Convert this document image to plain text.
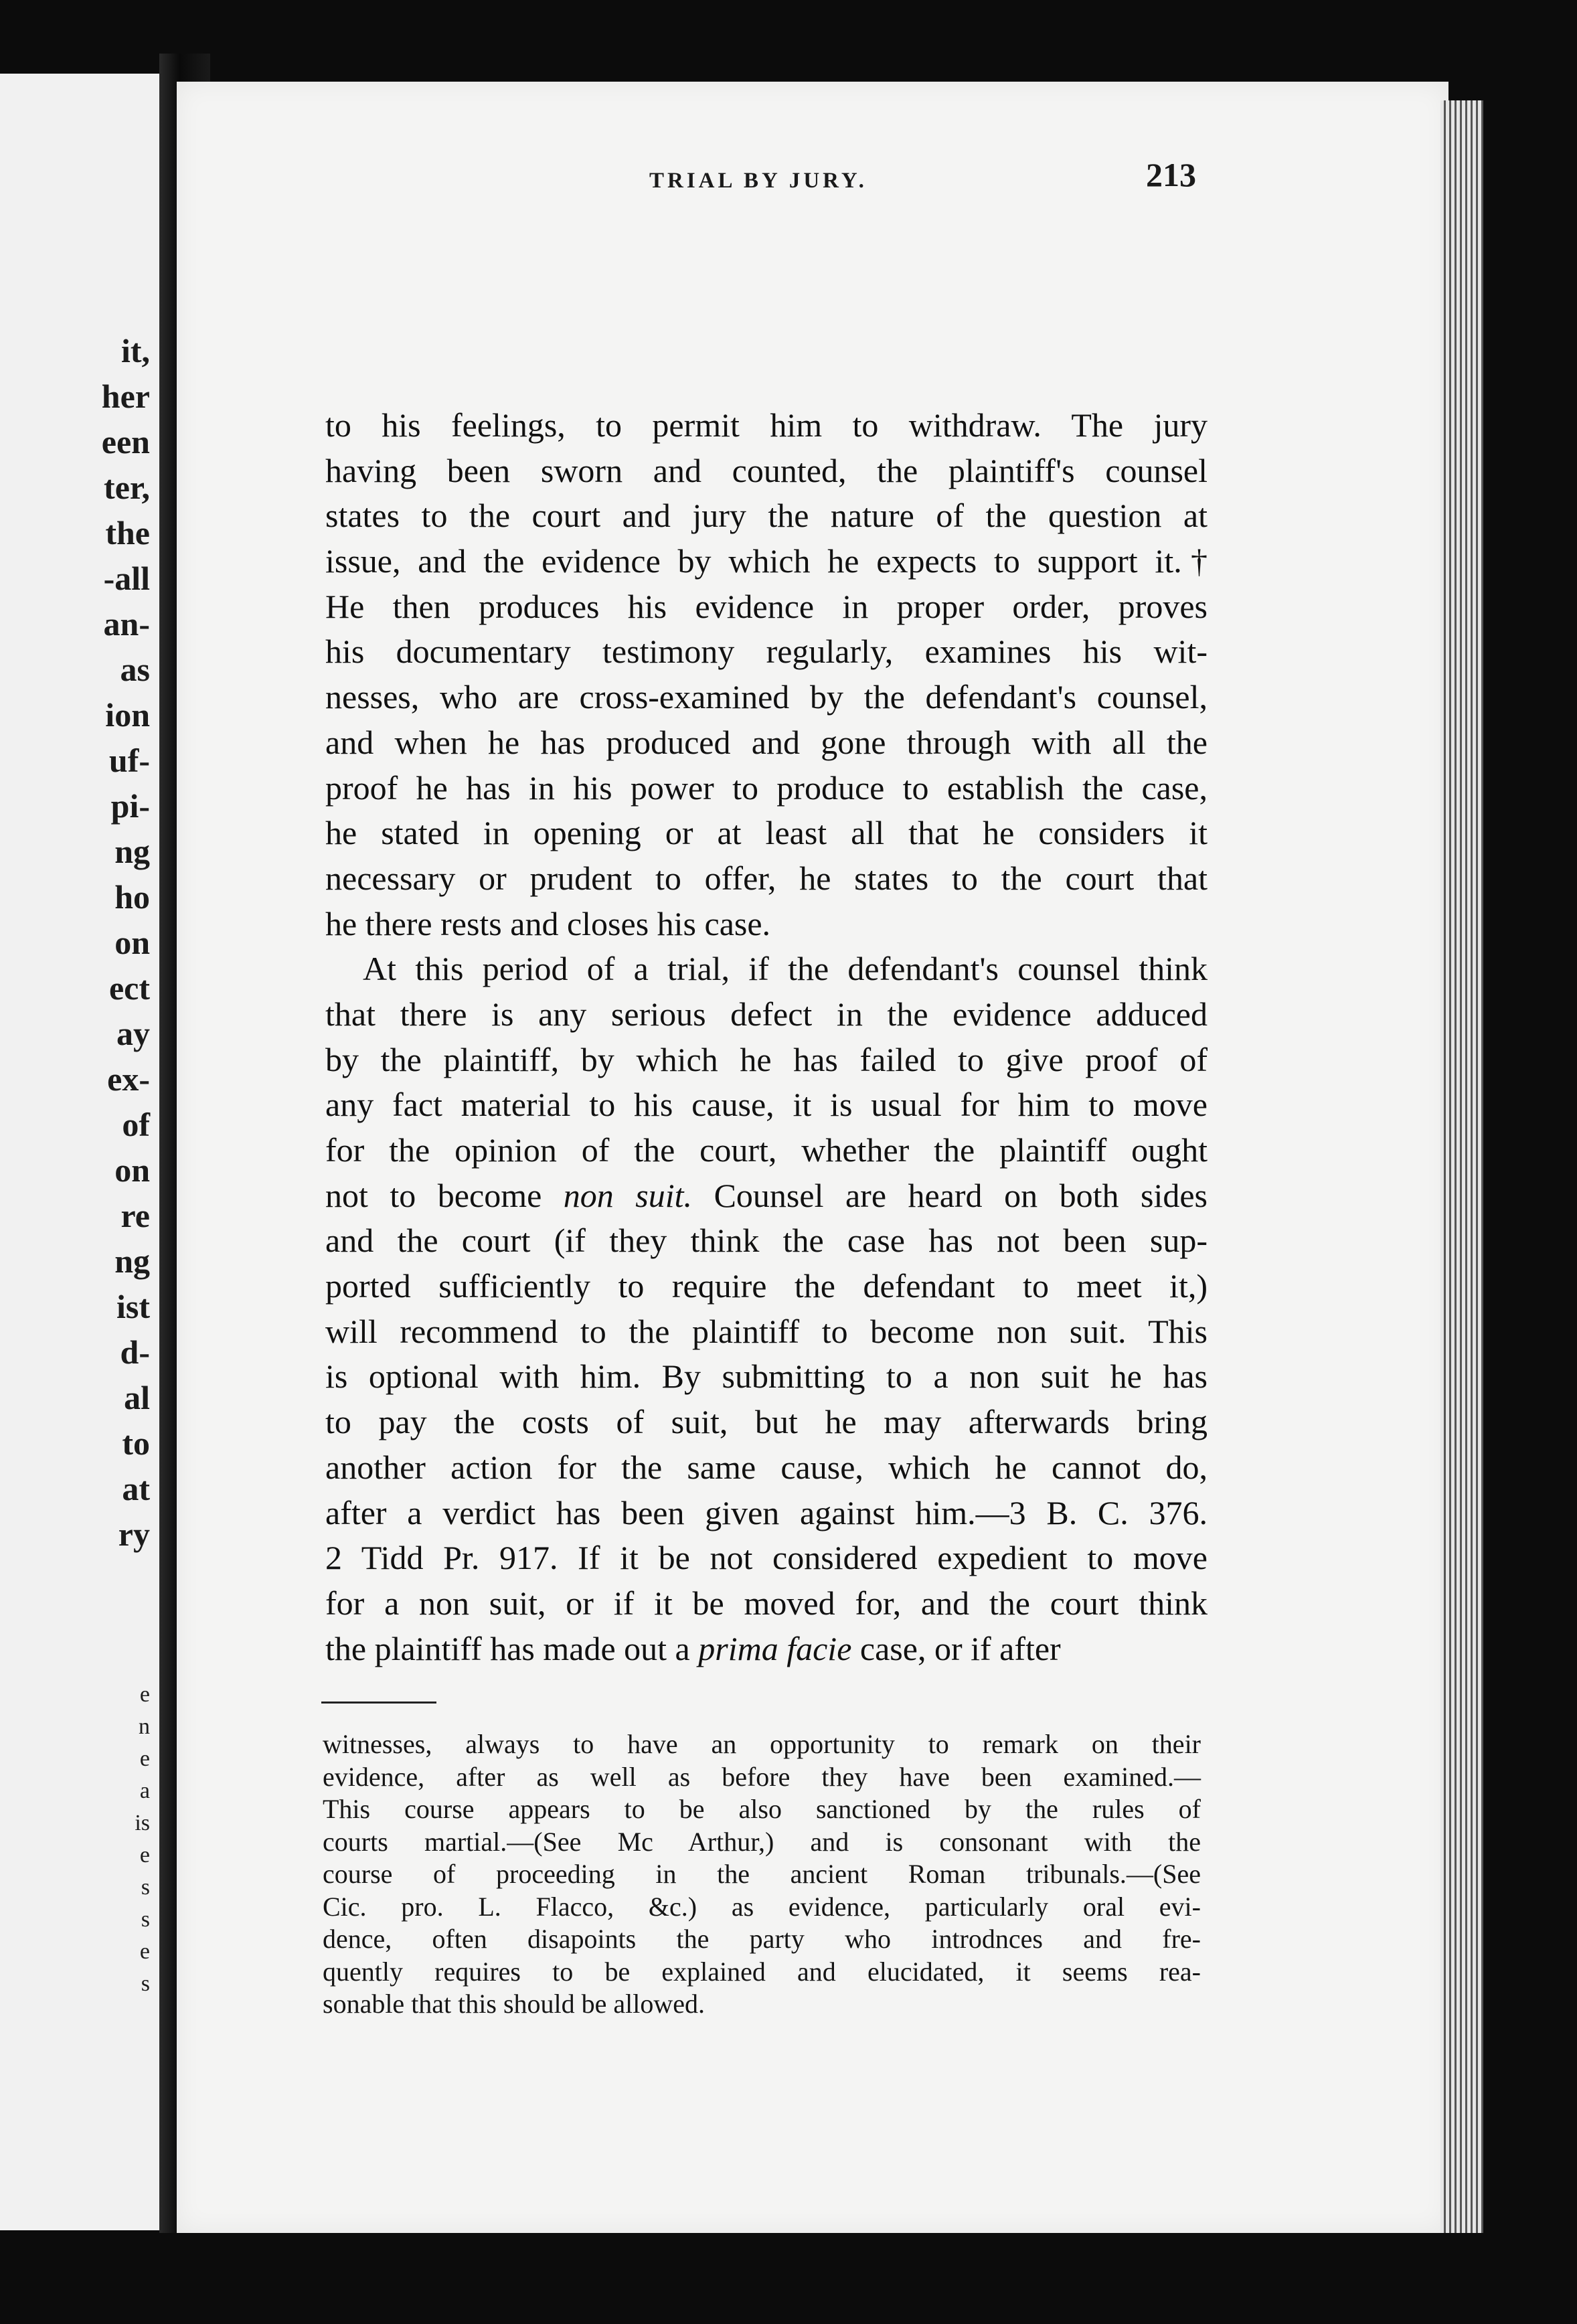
it,
her
een
ter,
the
-all
an-
as
ion
uf-
pi-
ng
ho
on
ect
ay
ex-
of
on
re
ng
ist
d-
al
to
at
ry
e
n
e
a
is
e
s
s
e
s
TRIAL BY JURY.	213
to his feelings, to permit him to withdraw. The jury
having been sworn and counted, the plaintiff's counsel
states to the court and jury the nature of the question at
issue, and the evidence by which he expects to support it.†
He then produces his evidence in proper order, proves
his documentary testimony regularly, examines his wit-
nesses, who are cross-examined by the defendant's counsel,
and when he has produced and gone through with all the
proof he has in his power to produce to establish the case,
he stated in opening or at least all that he considers it
necessary or prudent to offer, he states to the court that
he there rests and closes his case.
At this period of a trial, if the defendant's counsel think
that there is any serious defect in the evidence adduced
by the plaintiff, by which he has failed to give proof of
any fact material to his cause, it is usual for him to move
for the opinion of the court, whether the plaintiff ought
not to become non suit. Counsel are heard on both sides
and the court (if they think the case has not been sup-
ported sufficiently to require the defendant to meet it,)
will recommend to the plaintiff to become non suit. This
is optional with him. By submitting to a non suit he has
to pay the costs of suit, but he may afterwards bring
another action for the same cause, which he cannot do,
after a verdict has been given against him.—3 B. C. 376.
2 Tidd Pr. 917. If it be not considered expedient to move
for a non suit, or if it be moved for, and the court think
the plaintiff has made out a prima facie case, or if after
witnesses, always to have an opportunity to remark on their
evidence, after as well as before they have been examined.—
This course appears to be also sanctioned by the rules of
courts martial.—(See Mc Arthur,) and is consonant with the
course of proceeding in the ancient Roman tribunals.—(See
Cic. pro. L. Flacco, &c.) as evidence, particularly oral evi-
dence, often disapoints the party who introdnces and fre-
quently requires to be explained and elucidated, it seems rea-
sonable that this should be allowed.
